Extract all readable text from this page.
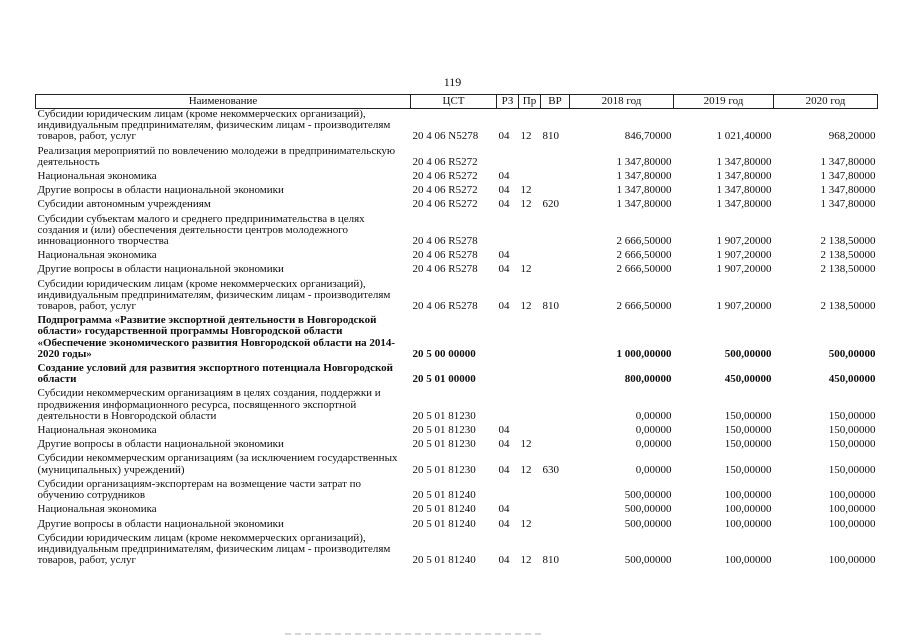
119
Наименование	ЦСТ	РЗ	Пр	ВР	2018 год	2019 год	2020 год
Субсидии юридическим лицам (кроме некоммерческих организаций), индивидуальным предпринимателям, физическим лицам - производителям товаров, работ, услуг	20 4 06 N5278	04	12	810	846,70000	1 021,40000	968,20000
Реализация мероприятий по вовлечению молодежи в предпринимательскую деятельность	20 4 06 R5272				1 347,80000	1 347,80000	1 347,80000
Национальная экономика	20 4 06 R5272	04			1 347,80000	1 347,80000	1 347,80000
Другие вопросы в области национальной экономики	20 4 06 R5272	04	12		1 347,80000	1 347,80000	1 347,80000
Субсидии автономным учреждениям	20 4 06 R5272	04	12	620	1 347,80000	1 347,80000	1 347,80000
Субсидии субъектам малого и среднего предпринимательства в целях создания и (или) обеспечения деятельности центров молодежного инновационного творчества	20 4 06 R5278				2 666,50000	1 907,20000	2 138,50000
Национальная экономика	20 4 06 R5278	04			2 666,50000	1 907,20000	2 138,50000
Другие вопросы в области национальной экономики	20 4 06 R5278	04	12		2 666,50000	1 907,20000	2 138,50000
Субсидии юридическим лицам (кроме некоммерческих организаций), индивидуальным предпринимателям, физическим лицам - производителям товаров, работ, услуг	20 4 06 R5278	04	12	810	2 666,50000	1 907,20000	2 138,50000
Подпрограмма «Развитие экспортной деятельности в Новгородской области» государственной программы Новгородской области «Обеспечение экономического развития Новгородской области на 2014-2020 годы»	20 5 00 00000				1 000,00000	500,00000	500,00000
Создание условий для развития экспортного потенциала Новгородской области	20 5 01 00000				800,00000	450,00000	450,00000
Субсидии некоммерческим организациям в целях создания, поддержки и продвижения информационного ресурса, посвященного экспортной деятельности в Новгородской области	20 5 01 81230				0,00000	150,00000	150,00000
Национальная экономика	20 5 01 81230	04			0,00000	150,00000	150,00000
Другие вопросы в области национальной экономики	20 5 01 81230	04	12		0,00000	150,00000	150,00000
Субсидии некоммерческим организациям (за исключением государственных (муниципальных) учреждений)	20 5 01 81230	04	12	630	0,00000	150,00000	150,00000
Субсидии организациям-экспортерам на возмещение части затрат по обучению сотрудников	20 5 01 81240				500,00000	100,00000	100,00000
Национальная экономика	20 5 01 81240	04			500,00000	100,00000	100,00000
Другие вопросы в области национальной экономики	20 5 01 81240	04	12		500,00000	100,00000	100,00000
Субсидии юридическим лицам (кроме некоммерческих организаций), индивидуальным предпринимателям, физическим лицам - производителям товаров, работ, услуг	20 5 01 81240	04	12	810	500,00000	100,00000	100,00000
